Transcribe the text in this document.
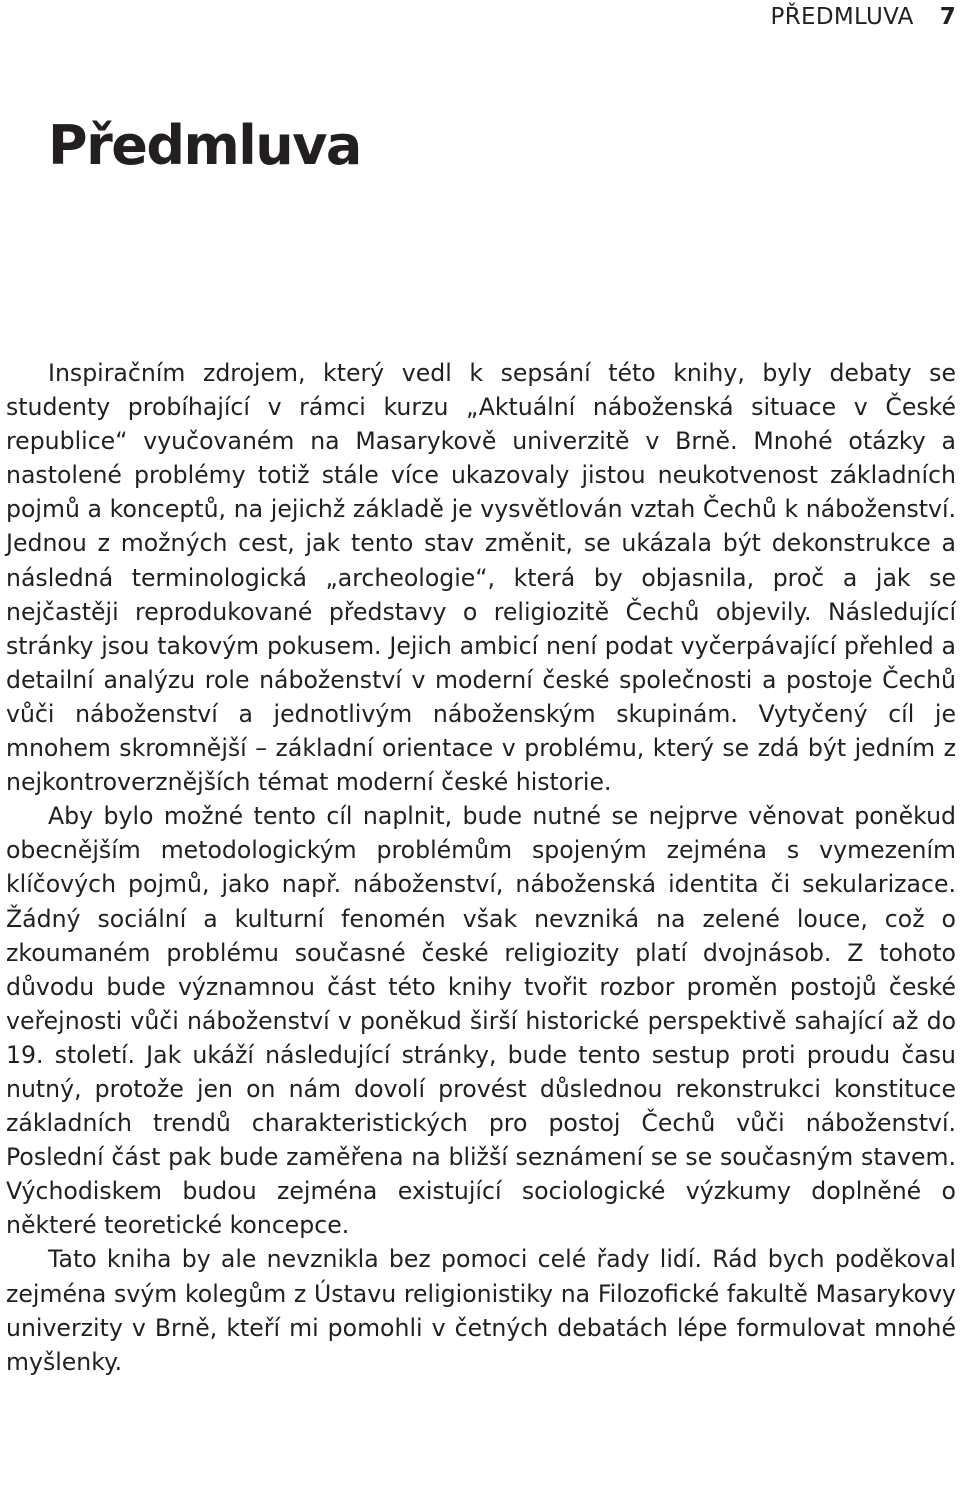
PŘEDMLUVA 7
Předmluva

Inspiračním zdrojem, který vedl k sepsání této knihy, byly debaty se studenty probíhající v rámci kurzu „Aktuální náboženská situace v České republice“ vyučovaném na Masarykově univerzitě v Brně. Mnohé otázky a nastolené problémy totiž stále více ukazovaly jistou neukotvenost základních pojmů a konceptů, na jejichž základě je vysvětlován vztah Čechů k náboženství. Jednou z možných cest, jak tento stav změnit, se ukázala být dekonstrukce a následná terminologická „archeologie“, která by objasnila, proč a jak se nejčastěji reprodukované představy o religiozitě Čechů objevily. Následující stránky jsou takovým pokusem. Jejich ambicí není podat vyčerpávající přehled a detailní analýzu role náboženství v moderní české společnosti a postoje Čechů vůči náboženství a jednotlivým náboženským skupinám. Vytyčený cíl je mnohem skromnější – základní orientace v problému, který se zdá být jedním z nejkontroverznějších témat moderní české historie.

Aby bylo možné tento cíl naplnit, bude nutné se nejprve věnovat poněkud obecnějším metodologickým problémům spojeným zejména s vymezením klíčových pojmů, jako např. náboženství, náboženská identita či sekularizace. Žádný sociální a kulturní fenomén však nevzniká na zelené louce, což o zkoumaném problému současné české religiozity platí dvojnásob. Z tohoto důvodu bude významnou část této knihy tvořit rozbor proměn postojů české veřejnosti vůči náboženství v poněkud širší historické perspektivě sahající až do 19. století. Jak ukáží následující stránky, bude tento sestup proti proudu času nutný, protože jen on nám dovolí provést důslednou rekonstrukci konstituce základních trendů charakteristických pro postoj Čechů vůči náboženství. Poslední část pak bude zaměřena na bližší seznámení se se současným stavem. Východiskem budou zejména existující sociologické výzkumy doplněné o některé teoretické koncepce.

Tato kniha by ale nevznikla bez pomoci celé řady lidí. Rád bych poděkoval zejména svým kolegům z Ústavu religionistiky na Filozofické fakultě Masarykovy univerzity v Brně, kteří mi pomohli v četných debatách lépe formulovat mnohé myšlenky.
